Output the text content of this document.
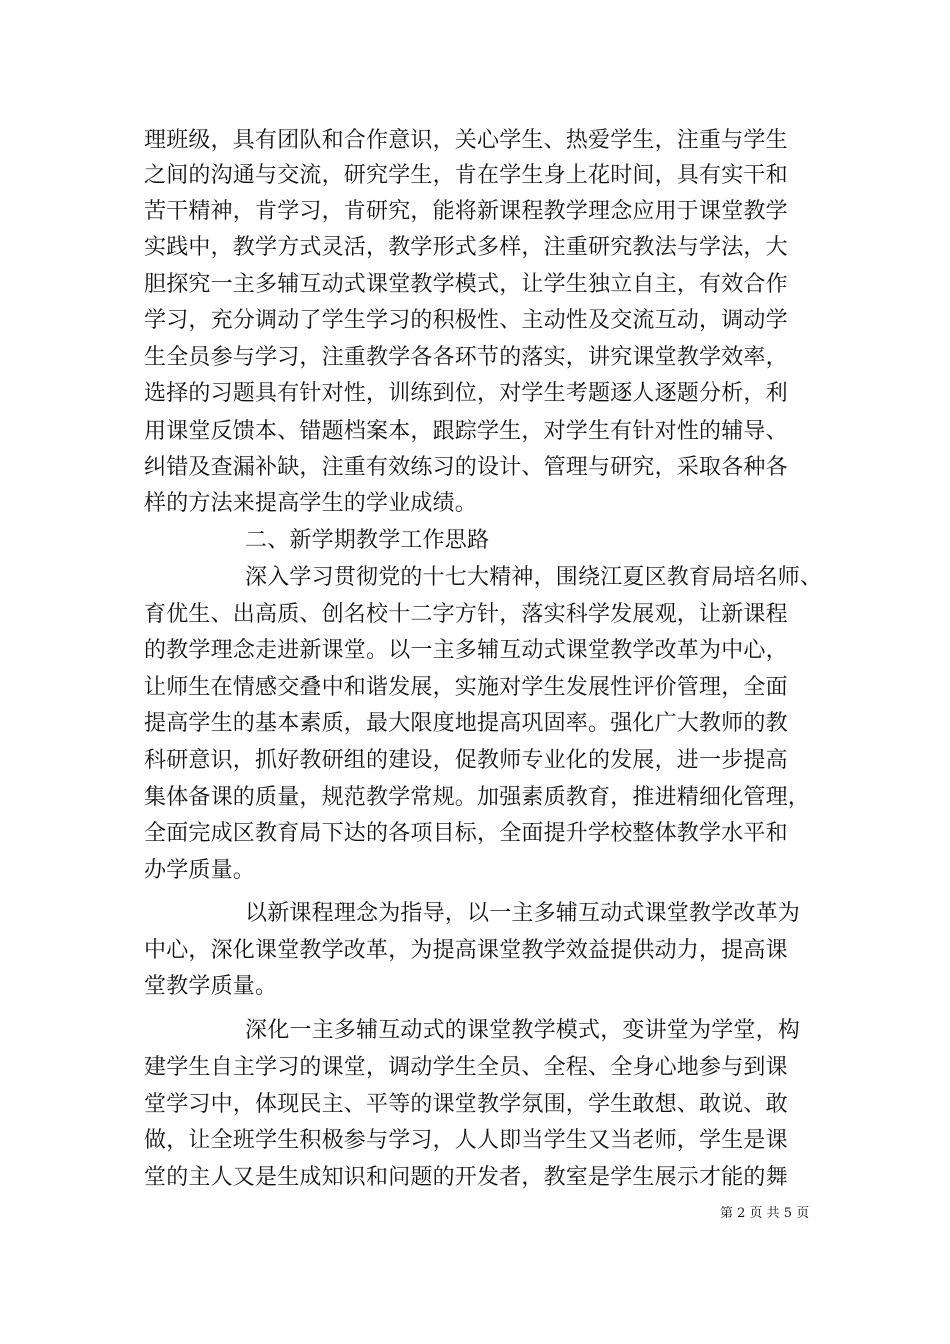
理班级，具有团队和合作意识，关心学生、热爱学生，注重与学生
之间的沟通与交流，研究学生，肯在学生身上花时间，具有实干和
苦干精神，肯学习，肯研究，能将新课程教学理念应用于课堂教学
实践中，教学方式灵活，教学形式多样，注重研究教法与学法，大
胆探究一主多辅互动式课堂教学模式，让学生独立自主，有效合作
学习，充分调动了学生学习的积极性、主动性及交流互动，调动学
生全员参与学习，注重教学各各环节的落实，讲究课堂教学效率，
选择的习题具有针对性，训练到位，对学生考题逐人逐题分析，利
用课堂反馈本、错题档案本，跟踪学生，对学生有针对性的辅导、
纠错及查漏补缺，注重有效练习的设计、管理与研究，采取各种各
样的方法来提高学生的学业成绩。
二、新学期教学工作思路
深入学习贯彻党的十七大精神，围绕江夏区教育局培名师、
育优生、出高质、创名校十二字方针，落实科学发展观，让新课程
的教学理念走进新课堂。以一主多辅互动式课堂教学改革为中心，
让师生在情感交叠中和谐发展，实施对学生发展性评价管理，全面
提高学生的基本素质，最大限度地提高巩固率。强化广大教师的教
科研意识，抓好教研组的建设，促教师专业化的发展，进一步提高
集体备课的质量，规范教学常规。加强素质教育，推进精细化管理，
全面完成区教育局下达的各项目标，全面提升学校整体教学水平和
办学质量。
以新课程理念为指导，以一主多辅互动式课堂教学改革为
中心，深化课堂教学改革，为提高课堂教学效益提供动力，提高课
堂教学质量。
深化一主多辅互动式的课堂教学模式，变讲堂为学堂，构
建学生自主学习的课堂，调动学生全员、全程、全身心地参与到课
堂学习中，体现民主、平等的课堂教学氛围，学生敢想、敢说、敢
做，让全班学生积极参与学习，人人即当学生又当老师，学生是课
堂的主人又是生成知识和问题的开发者，教室是学生展示才能的舞
第 2 页 共 5 页
